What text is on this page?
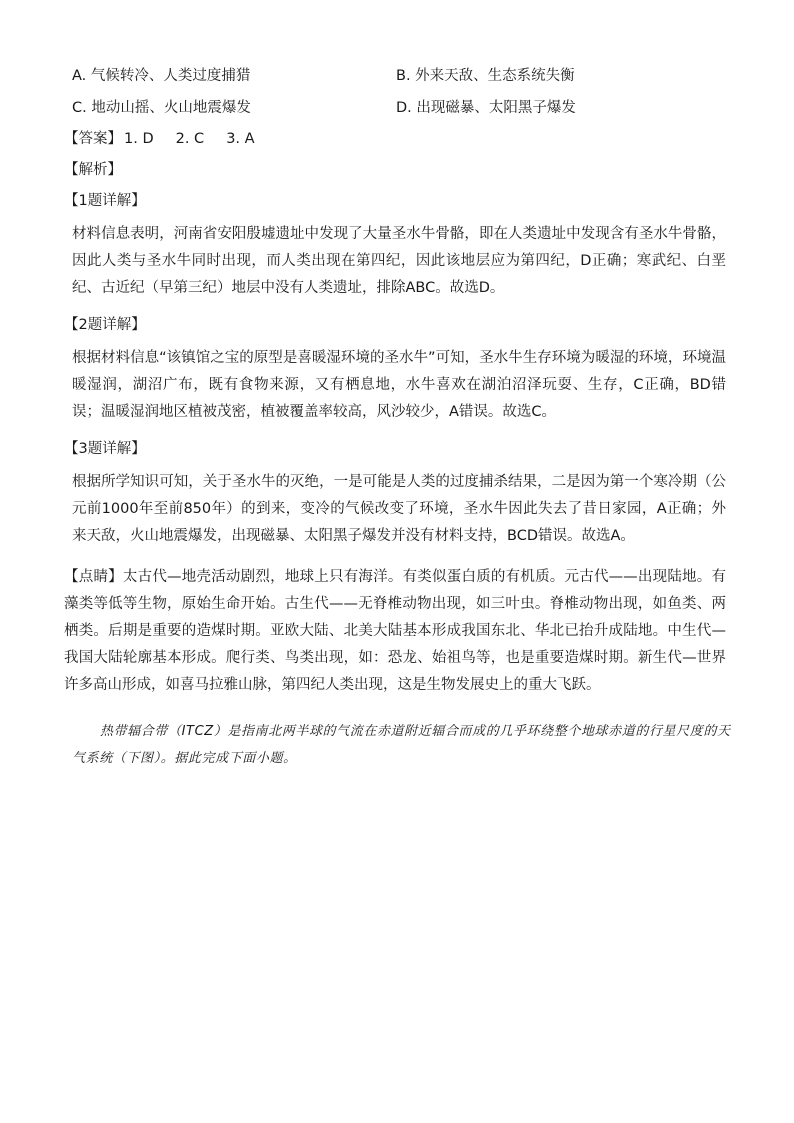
A. 气候转冷、人类过度捕猎	B. 外来天敌、生态系统失衡
C. 地动山摇、火山地震爆发	D. 出现磁暴、太阳黑子爆发
【答案】 1. D 2. C 3. A
【解析】
【1题详解】
材料信息表明，河南省安阳殷墟遗址中发现了大量圣水牛骨骼，即在人类遗址中发现含有圣水牛骨骼，因此人类与圣水牛同时出现，而人类出现在第四纪，因此该地层应为第四纪，D正确；寒武纪、白垩纪、古近纪（早第三纪）地层中没有人类遗址，排除ABC。故选D。
【2题详解】
根据材料信息“该镇馆之宝的原型是喜暖湿环境的圣水牛”可知，圣水牛生存环境为暖湿的环境，环境温暖湿润，湖沼广布，既有食物来源，又有栖息地，水牛喜欢在湖泊沼泽玩耍、生存，C正确，BD错误；温暖湿润地区植被茂密，植被覆盖率较高，风沙较少，A错误。故选C。
【3题详解】
根据所学知识可知，关于圣水牛的灭绝，一是可能是人类的过度捕杀结果，二是因为第一个寒冷期（公元前1000年至前850年）的到来，变冷的气候改变了环境，圣水牛因此失去了昔日家园，A正确；外来天敌，火山地震爆发，出现磁暴、太阳黑子爆发并没有材料支持，BCD错误。故选A。
【点睛】太古代—地壳活动剧烈，地球上只有海洋。有类似蛋白质的有机质。元古代——出现陆地。有藻类等低等生物，原始生命开始。古生代——无脊椎动物出现，如三叶虫。脊椎动物出现，如鱼类、两栖类。后期是重要的造煤时期。亚欧大陆、北美大陆基本形成我国东北、华北已抬升成陆地。中生代—我国大陆轮廓基本形成。爬行类、鸟类出现，如：恐龙、始祖鸟等，也是重要造煤时期。新生代—世界许多高山形成，如喜马拉雅山脉，第四纪人类出现，这是生物发展史上的重大飞跃。
热带辐合带（ITCZ）是指南北两半球的气流在赤道附近辐合而成的几乎环绕整个地球赤道的行星尺度的天气系统（下图）。据此完成下面小题。
